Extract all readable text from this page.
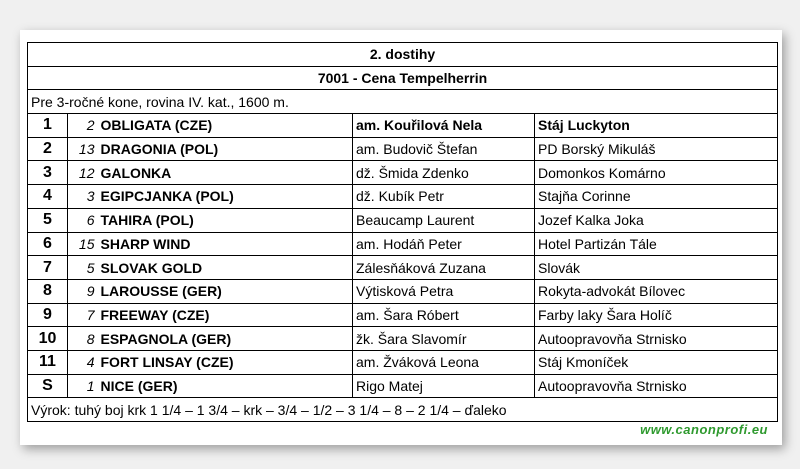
2. dostihy				
7001 - Cena Tempelherrin				
Pre 3-ročné kone, rovina IV. kat., 1600 m.				
1	2	OBLIGATA (CZE)	am. Kouřilová Nela	Stáj Luckyton
2	13	DRAGONIA (POL)	am. Budovič Štefan	PD Borský Mikuláš
3	12	GALONKA	dž. Šmida Zdenko	Domonkos Komárno
4	3	EGIPCJANKA (POL)	dž. Kubík Petr	Stajňa Corinne
5	6	TAHIRA (POL)	Beaucamp Laurent	Jozef Kalka Joka
6	15	SHARP WIND	am. Hodáň Peter	Hotel Partizán Tále
7	5	SLOVAK GOLD	Zálesňáková Zuzana	Slovák
8	9	LAROUSSE (GER)	Výtisková Petra	Rokyta-advokát Bílovec
9	7	FREEWAY (CZE)	am. Šara Róbert	Farby laky Šara Holíč
10	8	ESPAGNOLA (GER)	žk. Šara Slavomír	Autoopravovňa Strnisko
11	4	FORT LINSAY (CZE)	am. Žváková Leona	Stáj Kmoníček
S	1	NICE (GER)	Rigo Matej	Autoopravovňa Strnisko
Výrok: tuhý boj krk 1 1/4 – 1 3/4 – krk – 3/4 – 1/2 – 3 1/4 – 8 – 2 1/4 – ďaleko				
www.canonprofi.eu
